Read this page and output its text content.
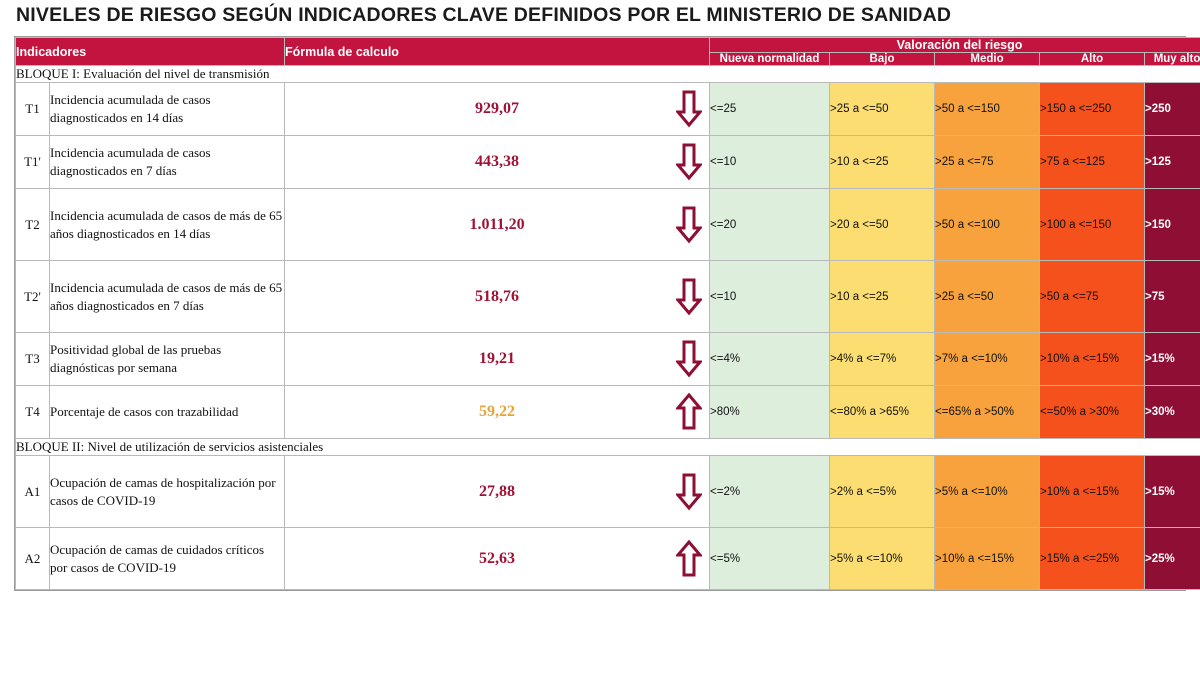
NIVELES DE RIESGO SEGÚN INDICADORES CLAVE DEFINIDOS POR EL MINISTERIO DE SANIDAD
Indicadores		Fórmula de calculo	Valoración del riesgo				
			Nueva normalidad	Bajo	Medio	Alto	Muy alto
BLOQUE I: Evaluación del nivel de transmisión							
T1	Incidencia acumulada de casos diagnosticados en 14 días	929,07	<=25	>25 a <=50	>50 a <=150	>150 a <=250	>250
T1'	Incidencia acumulada de casos diagnosticados en 7 días	443,38	<=10	>10 a <=25	>25 a <=75	>75 a <=125	>125
T2	Incidencia acumulada de casos de más de 65 años diagnosticados en 14 días	1.011,20	<=20	>20 a <=50	>50 a <=100	>100 a <=150	>150
T2'	Incidencia acumulada de casos de más de 65 años diagnosticados en 7 días	518,76	<=10	>10 a <=25	>25 a <=50	>50 a <=75	>75
T3	Positividad global de las pruebas diagnósticas por semana	19,21	<=4%	>4% a <=7%	>7% a <=10%	>10% a <=15%	>15%
T4	Porcentaje de casos con trazabilidad	59,22	>80%	<=80% a >65%	<=65% a >50%	<=50% a >30%	>30%
BLOQUE II: Nivel de utilización de servicios asistenciales							
A1	Ocupación de camas de hospitalización por casos de COVID-19	27,88	<=2%	>2% a <=5%	>5% a <=10%	>10% a <=15%	>15%
A2	Ocupación de camas de cuidados críticos por casos de COVID-19	52,63	<=5%	>5% a <=10%	>10% a <=15%	>15% a <=25%	>25%
